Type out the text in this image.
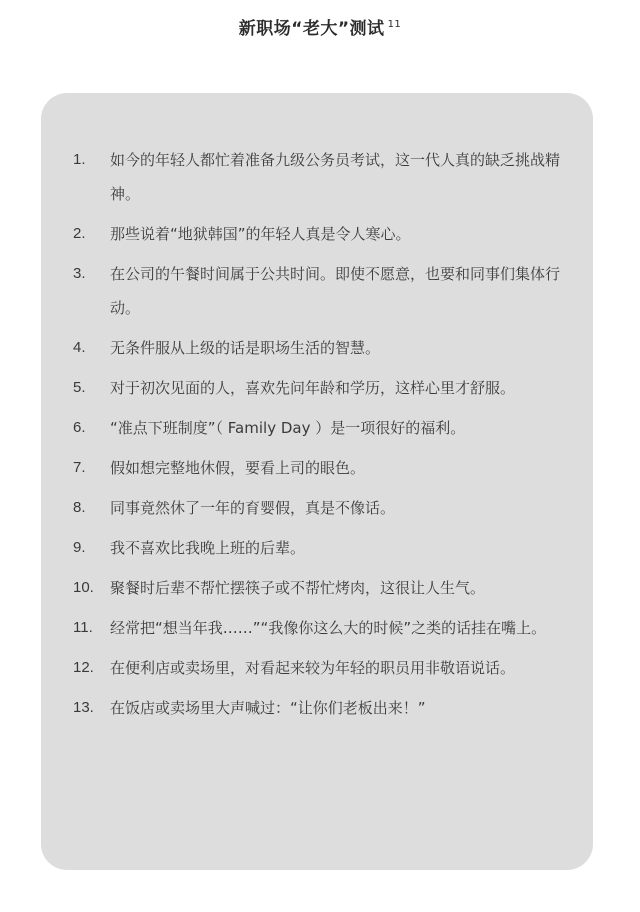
新职场“老大”测试 $^{11}$
1.	如今的年轻人都忙着准备九级公务员考试，这一代人真的缺乏挑战精神。
2.	那些说着“地狱韩国”的年轻人真是令人寒心。
3.	在公司的午餐时间属于公共时间。即使不愿意，也要和同事们集体行动。
4.	无条件服从上级的话是职场生活的智慧。
5.	对于初次见面的人，喜欢先问年龄和学历，这样心里才舒服。
6.	“准点下班制度”（ Family Day ）是一项很好的福利。
7.	假如想完整地休假，要看上司的眼色。
8.	同事竟然休了一年的育婴假，真是不像话。
9.	我不喜欢比我晚上班的后辈。
10.	聚餐时后辈不帮忙摆筷子或不帮忙烤肉，这很让人生气。
11.	经常把“想当年我……”“我像你这么大的时候”之类的话挂在嘴上。
12.	在便利店或卖场里，对看起来较为年轻的职员用非敬语说话。
13.	在饭店或卖场里大声喊过：“让你们老板出来！”
